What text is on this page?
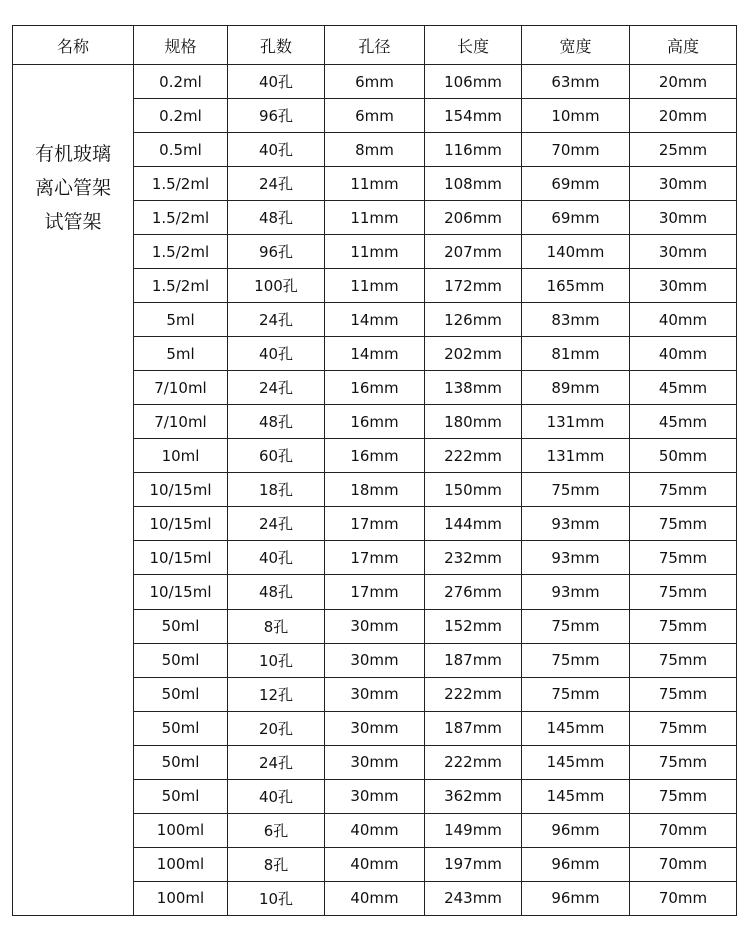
名称	规格	孔数	孔径	长度	宽度	高度

有机玻璃
离心管架
试管架	0.2ml	40孔	6mm	106mm	63mm	20mm
	0.2ml	96孔	6mm	154mm	10mm	20mm
	0.5ml	40孔	8mm	116mm	70mm	25mm
	1.5/2ml	24孔	11mm	108mm	69mm	30mm
	1.5/2ml	48孔	11mm	206mm	69mm	30mm
	1.5/2ml	96孔	11mm	207mm	140mm	30mm
	1.5/2ml	100孔	11mm	172mm	165mm	30mm
	5ml	24孔	14mm	126mm	83mm	40mm
	5ml	40孔	14mm	202mm	81mm	40mm
	7/10ml	24孔	16mm	138mm	89mm	45mm
	7/10ml	48孔	16mm	180mm	131mm	45mm
	10ml	60孔	16mm	222mm	131mm	50mm
	10/15ml	18孔	18mm	150mm	75mm	75mm
	10/15ml	24孔	17mm	144mm	93mm	75mm
	10/15ml	40孔	17mm	232mm	93mm	75mm
	10/15ml	48孔	17mm	276mm	93mm	75mm
	50ml	8孔	30mm	152mm	75mm	75mm
	50ml	10孔	30mm	187mm	75mm	75mm
	50ml	12孔	30mm	222mm	75mm	75mm
	50ml	20孔	30mm	187mm	145mm	75mm
	50ml	24孔	30mm	222mm	145mm	75mm
	50ml	40孔	30mm	362mm	145mm	75mm
	100ml	6孔	40mm	149mm	96mm	70mm
	100ml	8孔	40mm	197mm	96mm	70mm
	100ml	10孔	40mm	243mm	96mm	70mm
